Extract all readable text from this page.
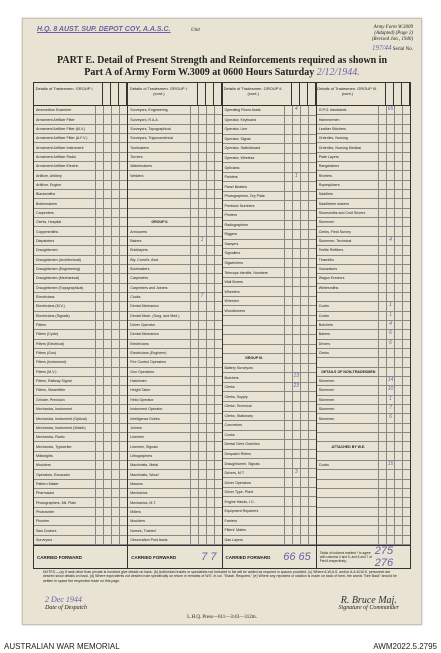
H.Q. 8 AUST. SUP. DEPOT COY, A.A.S.C.	Unit
Army Form W.3009
(Adapted) (Page 2)
(Revised Jan., 1940)
197/44 Serial No.
PART E. Detail of Present Strength and Reinforcements required as shown in
Part A of Army Form W.3009 at 0600 Hours Saturday 2/12/1944.
Details of Tradesmen. GROUP I.
Ammunition Examiner
Armament Artificer Fitter
Armament Artificer Fitter (M.V.)
Armament Artificer Fitter (A.F.V.)
Armament Artificer Instrument
Armament Artificer Radio
Armament Artificer Electric
Artificer, Artillery
Artificer, Engine
Blacksmiths
Boilermakers
Carpenters
Clerks, Hospital
Coppersmiths
Diepainters
Draughtsmen
Draughtsmen (Architectural)
Draughtsmen (Engineering)
Draughtsmen (Mechanical)
Draughtsmen (Topographical)
Electricians
Electricians (M.V.)
Electricians (Signals)
Fitters
Fitters (Cycle)
Fitters (Electrical)
Fitters (Gun)
Fitters (Instrument)
Fitters (M.V.)
Fitters, Railway Signal
Fitters, Steamfitter
Grinder, Precision
Mechanics, Instrument
Mechanics, Instrument (Optical)
Mechanics, Instrument (Watch)
Mechanics, Radio
Mechanics, Typewriter
Millwrights
Moulders
Operators, Excavator
Pattern Maker
Pharmacist
Photographers, Mil. Plain
Photowriter
Plumber
Saw Doctors
Surveyors
CARRIED FORWARD
Details of Tradesmen. GROUP I. (cont.)
Surveyors, Engineering
Surveyors, R.A.A.
Surveyors, Topographical
Surveyors, Trigonometrical
Toolmakers
Turners
Watchmakers
Welders
GROUP II.
Armourers
Bakers	1
Bricklayers
Bty. Comd's. Asst.
Bootmakers
Carpenters
Carpenters and Joiners
Cooks	7
Dental Mechanics
Dental Mech. (Surg. and Med.)
Driver Operator
Dental Mechanics
Electricians
Electricians (Engineer)
Fire Control Operators
Gun Operators
Hatchmen
Height Taker
Helio Operator
Instrument Operator
Intelligence Duties
Joiners
Linemen
Linemen, Signals
Lithographers
Machinists, Metal
Machinists, Wood
Masons
Mechanics
Mechanics, M.T.
Millers
Moulders
Nurses, Trained
Observation Post Assts.
CARRIED FORWARD 7 7
Details of Tradesmen. GROUP II. (cont.)
Operating Room Assts.	4
Operator, Keyboard
Operator, Line
Operator, Signal
Operator, Switchboard
Operator, Wireless
Opticians
Painters	1
Panel Beaters
Photographers, Dry Plate
Predictor Numbers
Printers
Radiographers
Riggers
Sawyers
Signallers
Sigwrichers
Telecops Identifs. Numbers
Wall Borers
Wheelers
Wiremen
Woodturners
GROUP III.
Battery Surveyors
Butchers	13
Clerks	23
Clerks, Supply
Clerks, Technical
Clerks, Stationary
Concretors
Cooks
Dental Clerk Orderlies
Despatch Riders
Draughtsmen, Signals
Drivers, M.T.	3
Driver Operators
Driver Type, Plant
Engine Hands, I.C.
Equipment Repairers
Farriers
Fitters' Mates
Gas Layers
CARRIED FORWARD 66 65
Details of Tradesmen. GROUP III. (cont.)
G.P.O. Assistants	65
Hammermen
Leather Stitchers
Orderlies, Nursing
Orderlies, Nursing Medical
Plate Layers
Rangetakers
Riveters
Ropesplicers
Saddlers
Saddletree makers
Shoesmiths and Cold Shoers
Storemen
Clerks, Field Survey
Storemen, Technical	4
Textile Refitters
Tinsmiths
Vulcanisers
Wagon Erectors
Whitesmiths
Cooks	1
Cooks	1
Butchers	4
Bakers	6
Drivers	6
Clerks
DETAILS OF NON-TRADESMEN
Storemen	14
Storemen	10
Storemen	1
Storemen	7
Storemen	6
ATTACHED BY W.E.
Cooks	15
Totals of columns marked * to agree with columns 4 and 5, and 6 and 7 of Part A respectively.
275 276
NOTES.—(a) If rank other than private is involved give details on back. (b) Authorised trades or specialists not included in list will be added as required in spaces provided. (c) Where A.W.A.S. and/or A.A.M.W.S. personnel are desired show details on back. (d) Where equivalents not desired note specifically on return in remarks of W.E. in col. "Estab. Required." (e) Where any reposted or rotation is made on back of form, the words "See Back" should be written in space the respective trade on this page.
2 Dec 1944
Date of Despatch
R. Bruce Maj.
Signature of Commander
L.H.Q. Press—611—3/43—312m.
AUSTRALIAN WAR MEMORIAL	AWM2022.5.2795
